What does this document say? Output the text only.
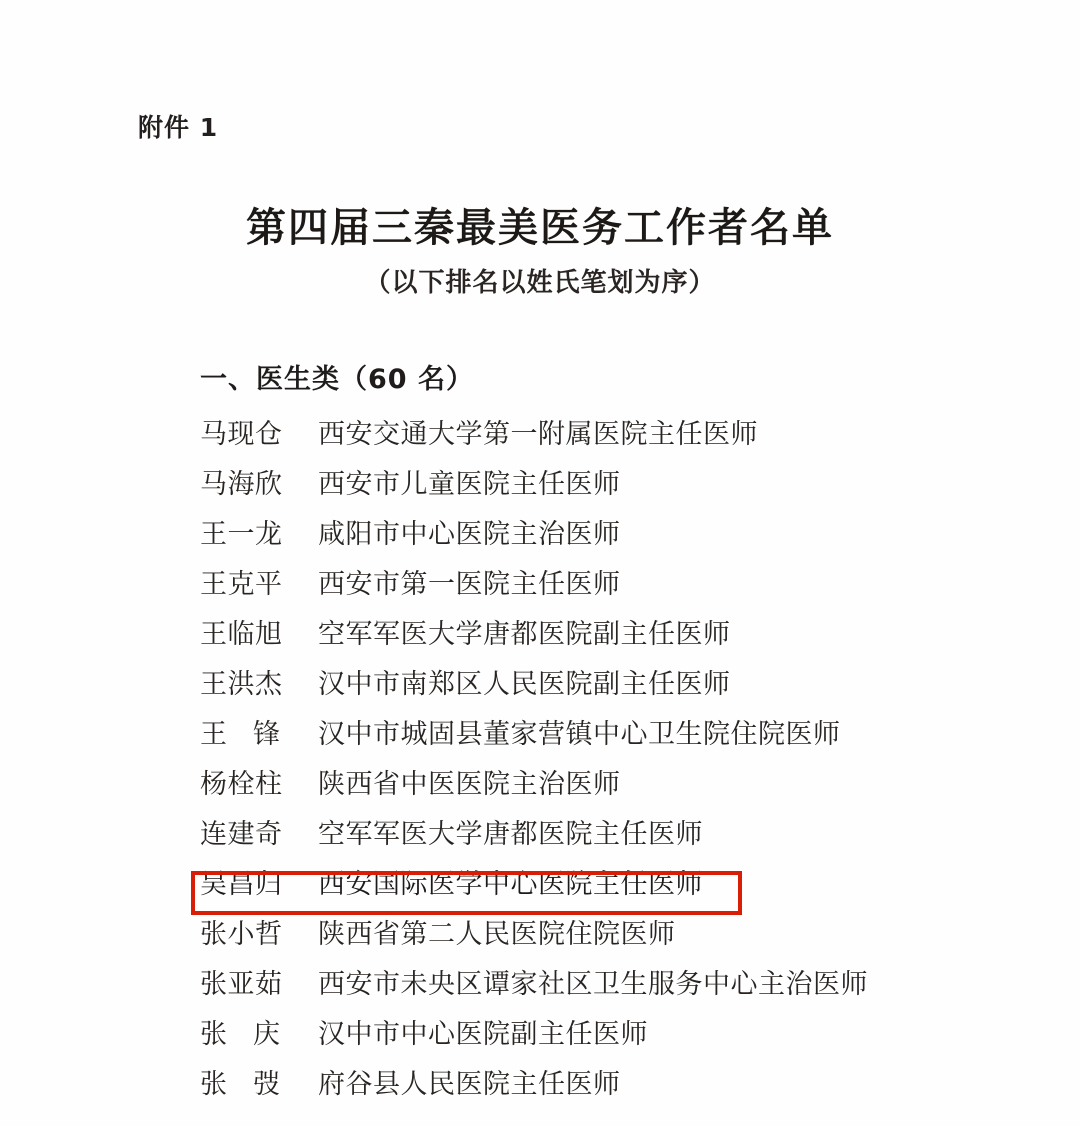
附件 1
第四届三秦最美医务工作者名单
（以下排名以姓氏笔划为序）
一、医生类（60 名）
马现仓 西安交通大学第一附属医院主任医师
马海欣 西安市儿童医院主任医师
王一龙 咸阳市中心医院主治医师
王克平 西安市第一医院主任医师
王临旭 空军军医大学唐都医院副主任医师
王洪杰 汉中市南郑区人民医院副主任医师
王 锋 汉中市城固县董家营镇中心卫生院住院医师
杨栓柱 陕西省中医医院主治医师
连建奇 空军军医大学唐都医院主任医师
吴昌归 西安国际医学中心医院主任医师
张小哲 陕西省第二人民医院住院医师
张亚茹 西安市未央区谭家社区卫生服务中心主治医师
张 庆 汉中市中心医院副主任医师
张 弢 府谷县人民医院主任医师
